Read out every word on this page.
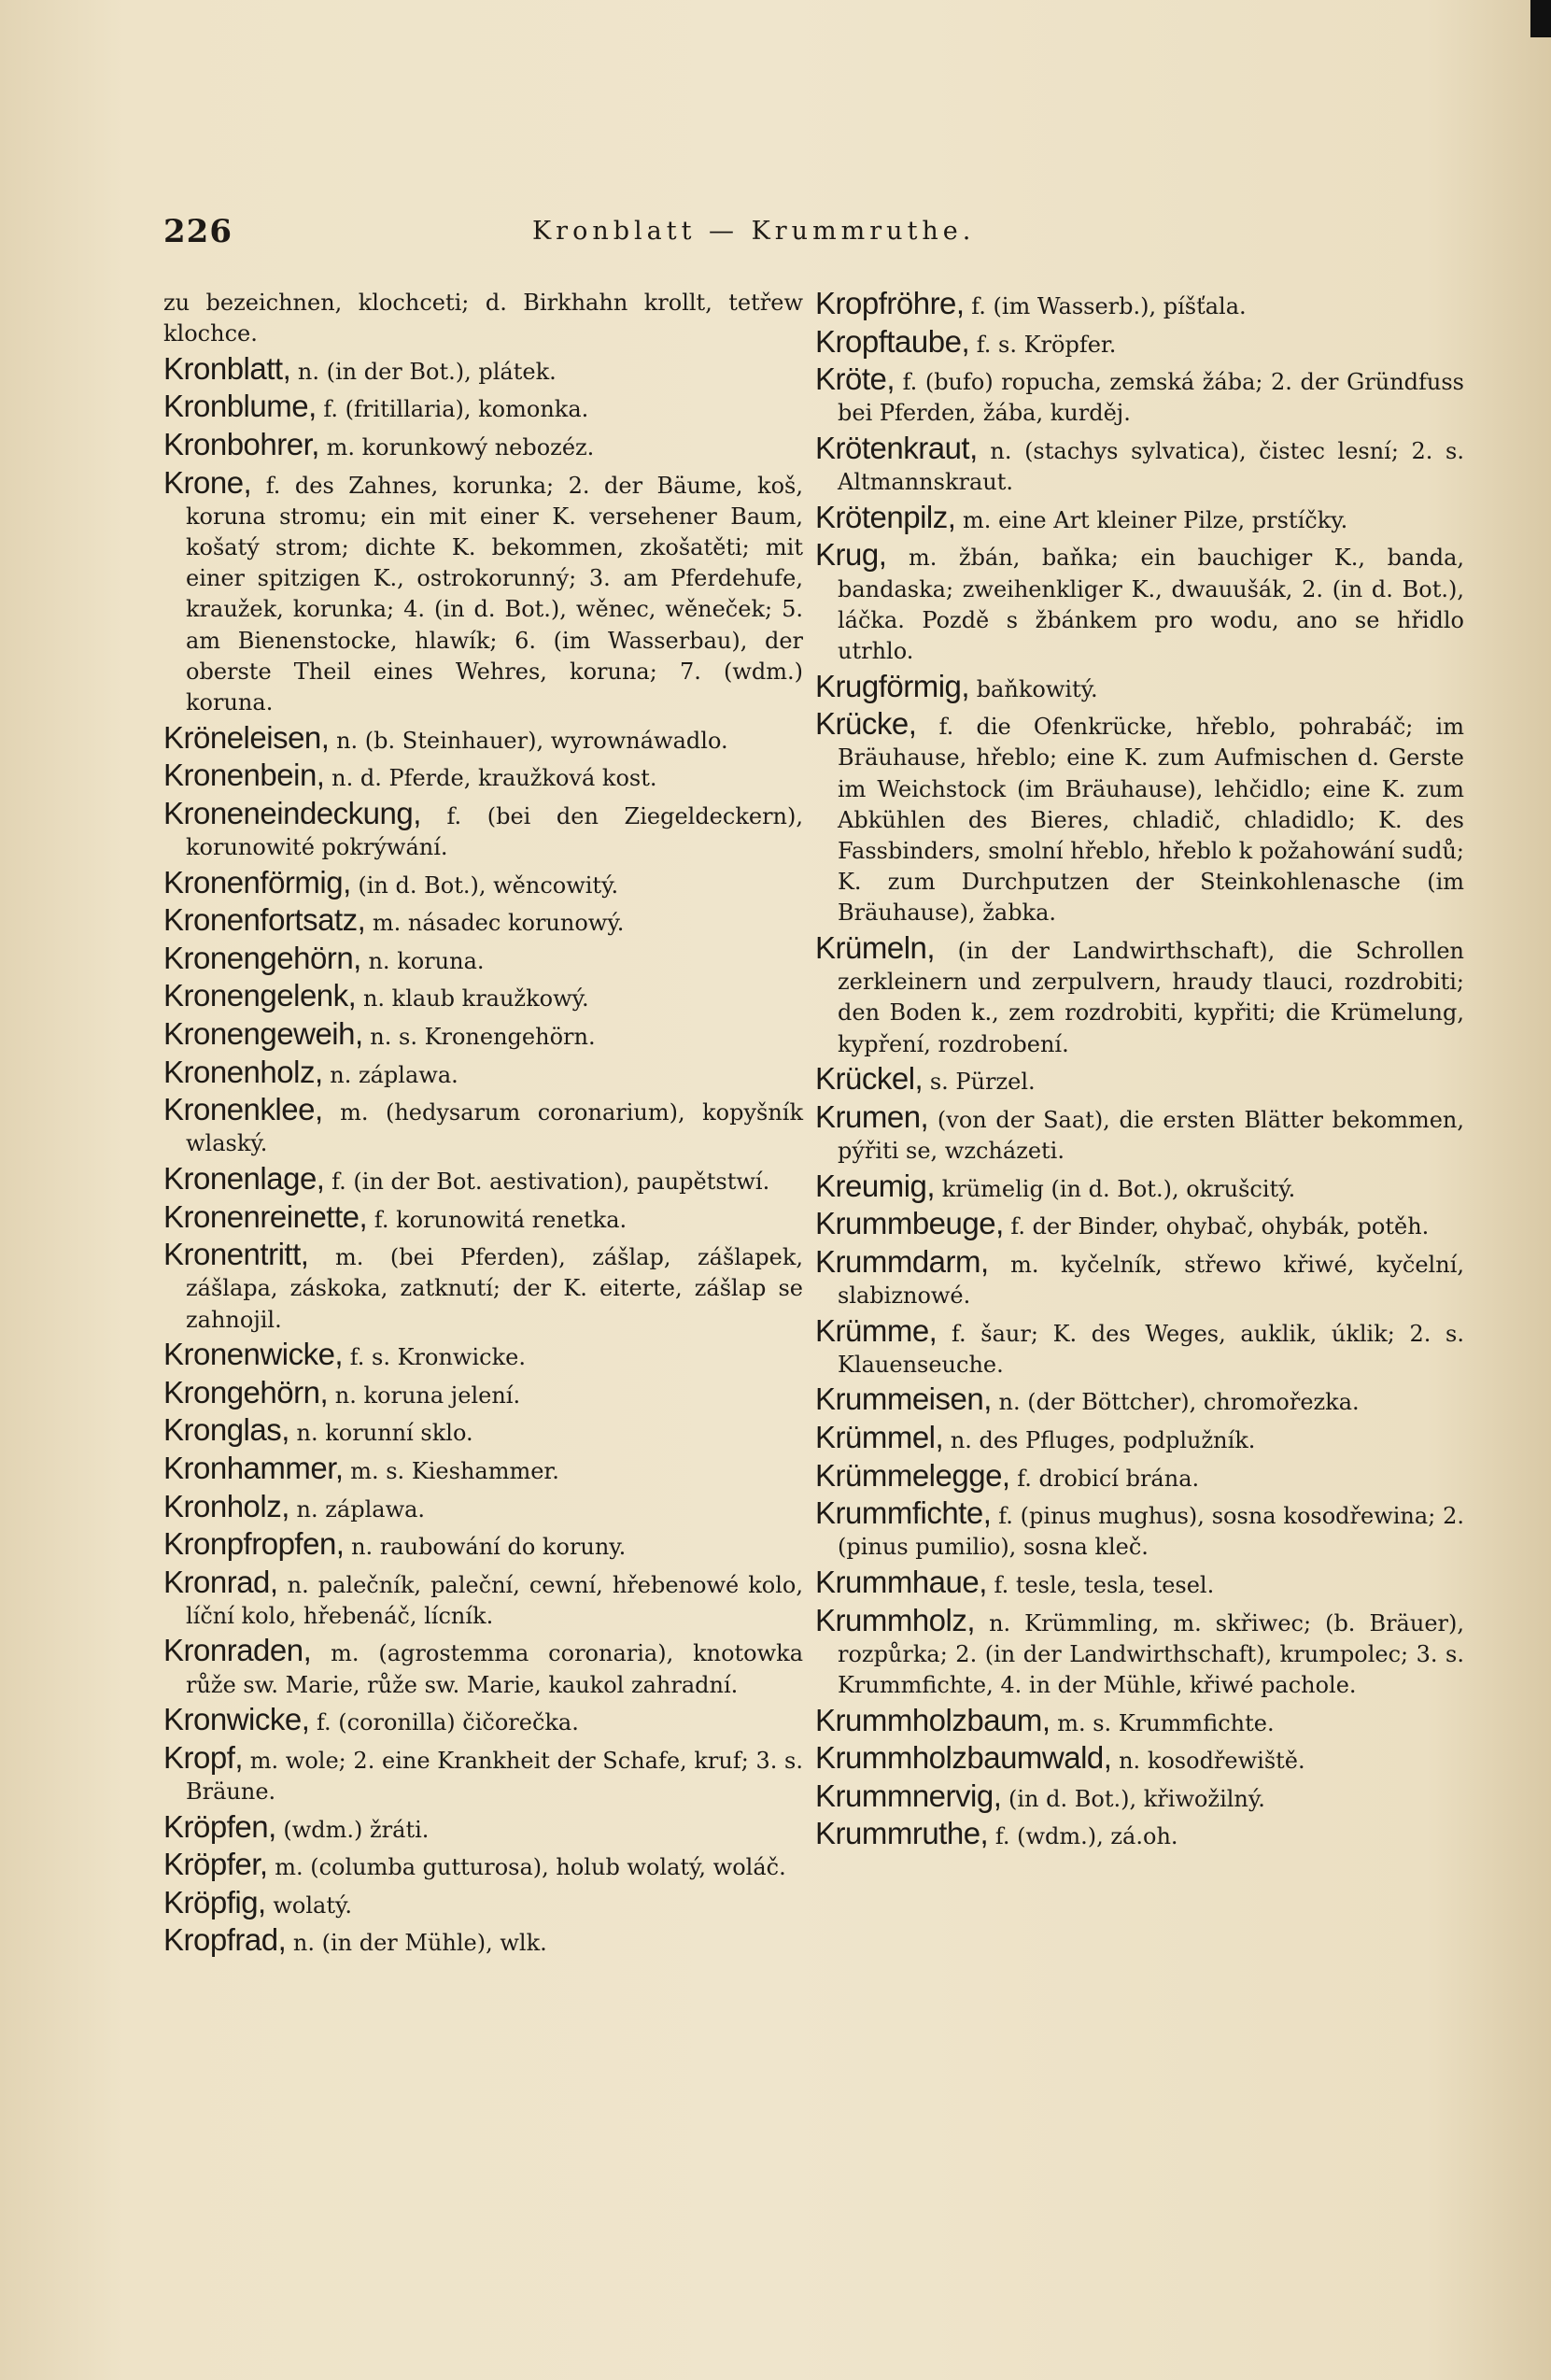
226	Kronblatt — Krummruthe.

zu bezeichnen, klochceti; d. Birkhahn krollt, tetřew klochce.

Kronblatt, n. (in der Bot.), plátek.

Kronblume, f. (fritillaria), komonka.

Kronbohrer, m. korunkowý nebozéz.

Krone, f. des Zahnes, korunka; 2. der Bäume, koš, koruna stromu; ein mit einer K. versehener Baum, košatý strom; dichte K. bekommen, zkošatěti; mit einer spitzigen K., ostrokorunný; 3. am Pferdehufe, kraužek, korunka; 4. (in d. Bot.), wěnec, wěneček; 5. am Bienenstocke, hlawík; 6. (im Wasserbau), der oberste Theil eines Wehres, koruna; 7. (wdm.) koruna.

Kröneleisen, n. (b. Steinhauer), wyrownáwadlo.

Kronenbein, n. d. Pferde, kraužková kost.

Kroneneindeckung, f. (bei den Ziegeldeckern), korunowité pokrýwání.

Kronenförmig, (in d. Bot.), wěncowitý.

Kronenfortsatz, m. násadec korunowý.

Kronengehörn, n. koruna.

Kronengelenk, n. klaub kraužkowý.

Kronengeweih, n. s. Kronengehörn.

Kronenholz, n. záplawa.

Kronenklee, m. (hedysarum coronarium), kopyšník wlaský.

Kronenlage, f. (in der Bot. aestivation), paupětstwí.

Kronenreinette, f. korunowitá renetka.

Kronentritt, m. (bei Pferden), zášlap, zášlapek, zášlapa, záskoka, zatknutí; der K. eiterte, zášlap se zahnojil.

Kronenwicke, f. s. Kronwicke.

Krongehörn, n. koruna jelení.

Kronglas, n. korunní sklo.

Kronhammer, m. s. Kieshammer.

Kronholz, n. záplawa.

Kronpfropfen, n. raubowání do koruny.

Kronrad, n. palečník, paleční, cewní, hřebenowé kolo, líční kolo, hřebenáč, lícník.

Kronraden, m. (agrostemma coronaria), knotowka růže sw. Marie, růže sw. Marie, kaukol zahradní.

Kronwicke, f. (coronilla) čičorečka.

Kropf, m. wole; 2. eine Krankheit der Schafe, kruf; 3. s. Bräune.

Kröpfen, (wdm.) žráti.

Kröpfer, m. (columba gutturosa), holub wolatý, woláč.

Kröpfig, wolatý.

Kropfrad, n. (in der Mühle), wlk.

Kropfröhre, f. (im Wasserb.), píšťala.

Kropftaube, f. s. Kröpfer.

Kröte, f. (bufo) ropucha, zemská žába; 2. der Gründfuss bei Pferden, žába, kurděj.

Krötenkraut, n. (stachys sylvatica), čistec lesní; 2. s. Altmannskraut.

Krötenpilz, m. eine Art kleiner Pilze, prstíčky.

Krug, m. žbán, baňka; ein bauchiger K., banda, bandaska; zweihenkliger K., dwauušák, 2. (in d. Bot.), láčka. Pozdě s žbánkem pro wodu, ano se hřidlo utrhlo.

Krugförmig, baňkowitý.

Krücke, f. die Ofenkrücke, hřeblo, pohrabáč; im Bräuhause, hřeblo; eine K. zum Aufmischen d. Gerste im Weichstock (im Bräuhause), lehčidlo; eine K. zum Abkühlen des Bieres, chladič, chladidlo; K. des Fassbinders, smolní hřeblo, hřeblo k požahowání sudů; K. zum Durchputzen der Steinkohlenasche (im Bräuhause), žabka.

Krümeln, (in der Landwirthschaft), die Schrollen zerkleinern und zerpulvern, hraudy tlauci, rozdrobiti; den Boden k., zem rozdrobiti, kypřiti; die Krümelung, kypření, rozdrobení.

Krückel, s. Pürzel.

Krumen, (von der Saat), die ersten Blätter bekommen, pýřiti se, wzcházeti.

Kreumig, krümelig (in d. Bot.), okrušcitý.

Krummbeuge, f. der Binder, ohybač, ohybák, potěh.

Krummdarm, m. kyčelník, střewo křiwé, kyčelní, slabiznowé.

Krümme, f. šaur; K. des Weges, auklik, úklik; 2. s. Klauenseuche.

Krummeisen, n. (der Böttcher), chromořezka.

Krümmel, n. des Pfluges, podplužník.

Krümmelegge, f. drobicí brána.

Krummfichte, f. (pinus mughus), sosna kosodřewina; 2. (pinus pumilio), sosna kleč.

Krummhaue, f. tesle, tesla, tesel.

Krummholz, n. Krümmling, m. skřiwec; (b. Bräuer), rozpůrka; 2. (in der Landwirthschaft), krumpolec; 3. s. Krummfichte, 4. in der Mühle, křiwé pachole.

Krummholzbaum, m. s. Krummfichte.

Krummholzbaumwald, n. kosodřewiště.

Krummnervig, (in d. Bot.), křiwožilný.

Krummruthe, f. (wdm.), zá.oh.
